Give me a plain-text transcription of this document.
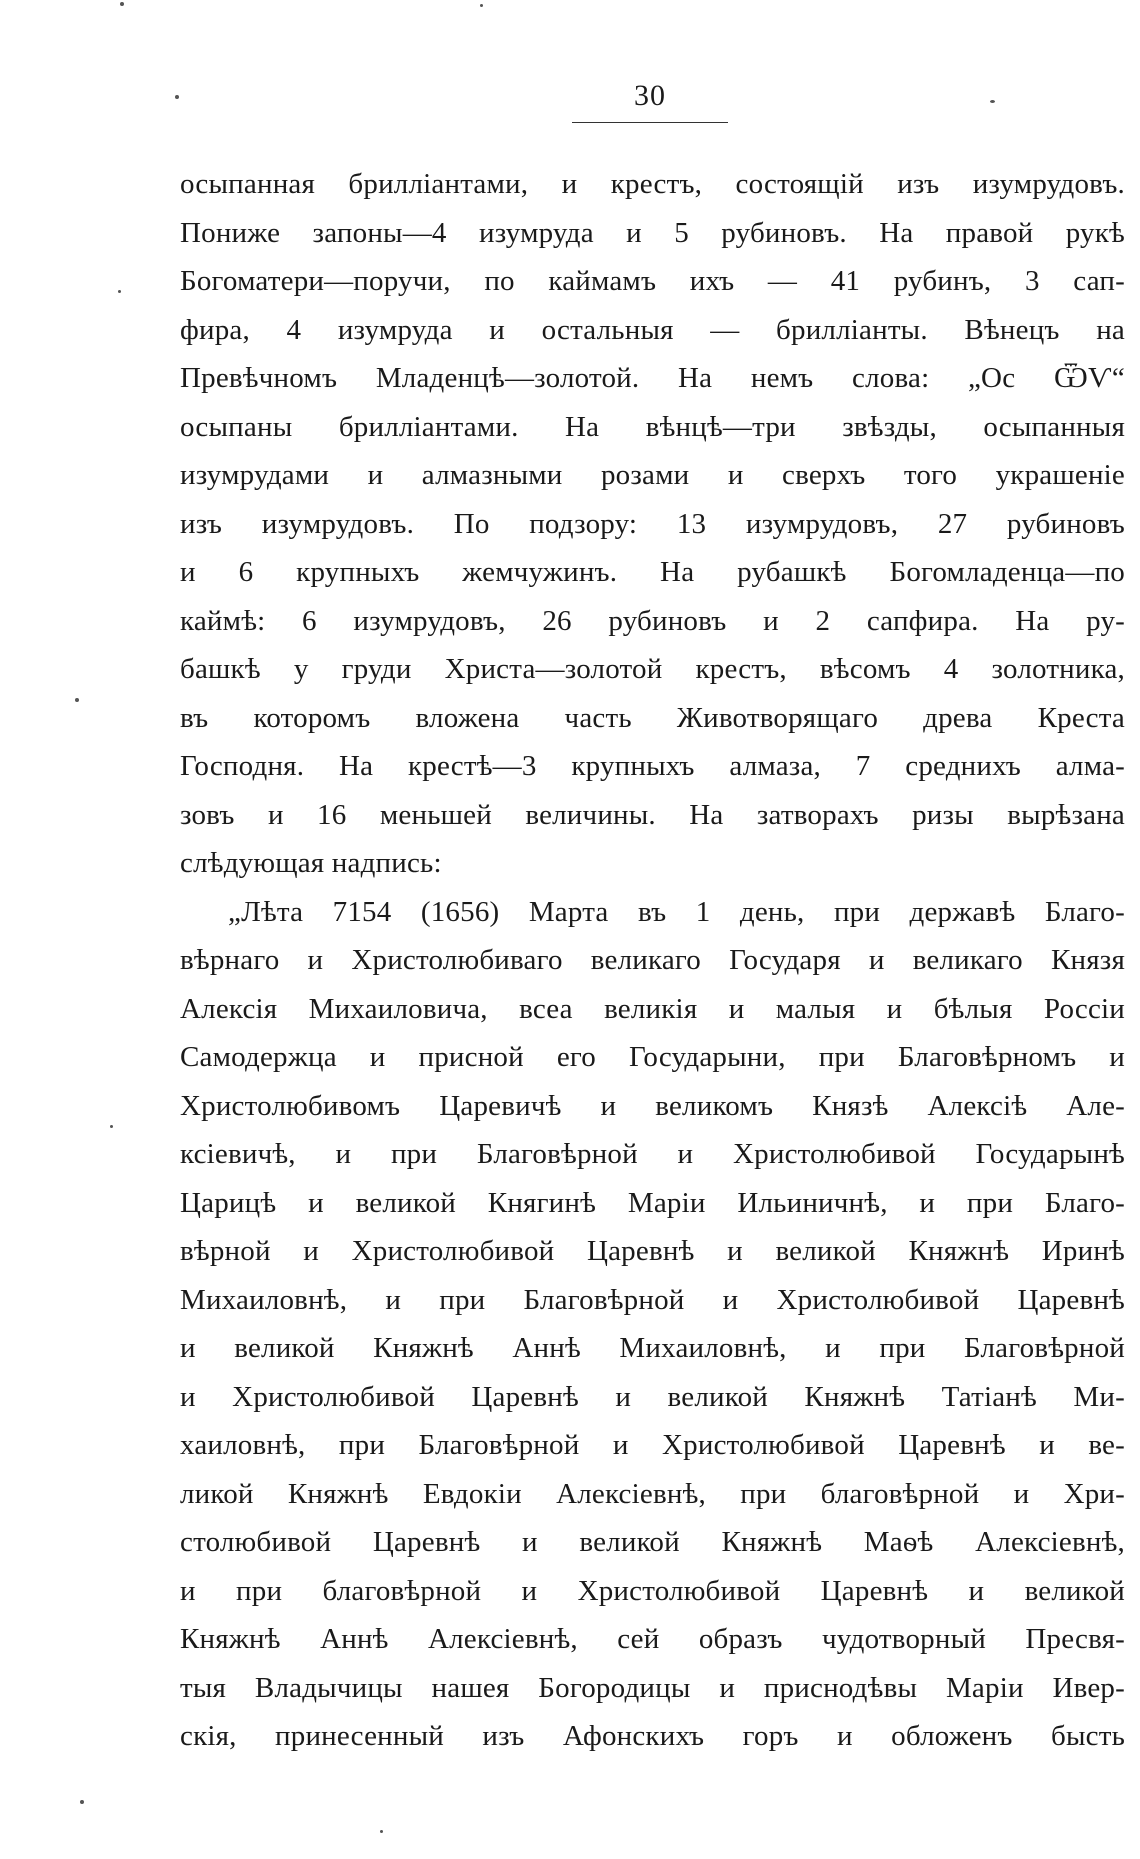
30
осыпанная бриллiантами, и крестъ, состоящiй изъ изумрудовъ.
Пониже запоны—4 изумруда и 5 рубиновъ. На правой рукѣ
Богоматери—поручи, по каймамъ ихъ — 41 рубинъ, 3 сап-
фира, 4 изумруда и остальныя — бриллiанты. Вѣнецъ на
Превѣчномъ Младенцѣ—золотой. На немъ слова: „Oc ѾѴ“
осыпаны бриллiантами. На вѣнцѣ—три звѣзды, осыпанныя
изумрудами и алмазными розами и сверхъ того украшенiе
изъ изумрудовъ. По подзору: 13 изумрудовъ, 27 рубиновъ
и 6 крупныхъ жемчужинъ. На рубашкѣ Богомладенца—по
каймѣ: 6 изумрудовъ, 26 рубиновъ и 2 сапфира. На ру-
башкѣ у груди Христа—золотой крестъ, вѣсомъ 4 золотника,
въ которомъ вложена часть Животворящаго древа Креста
Господня. На крестѣ—3 крупныхъ алмаза, 7 среднихъ алма-
зовъ и 16 меньшей величины. На затворахъ ризы вырѣзана
слѣдующая надпись:
„Лѣта 7154 (1656) Марта въ 1 день, при державѣ Благо-
вѣрнаго и Христолюбиваго великаго Государя и великаго Князя
Алексiя Михаиловича, всеа великiя и малыя и бѣлыя Россiи
Самодержца и присной его Государыни, при Благовѣрномъ и
Христолюбивомъ Царевичѣ и великомъ Князѣ Алексiѣ Але-
ксiевичѣ, и при Благовѣрной и Христолюбивой Государынѣ
Царицѣ и великой Княгинѣ Марiи Ильиничнѣ, и при Благо-
вѣрной и Христолюбивой Царевнѣ и великой Княжнѣ Иринѣ
Михаиловнѣ, и при Благовѣрной и Христолюбивой Царевнѣ
и великой Княжнѣ Аннѣ Михаиловнѣ, и при Благовѣрной
и Христолюбивой Царевнѣ и великой Княжнѣ Татiанѣ Ми-
хаиловнѣ, при Благовѣрной и Христолюбивой Царевнѣ и ве-
ликой Княжнѣ Евдокiи Алексiевнѣ, при благовѣрной и Хри-
столюбивой Царевнѣ и великой Княжнѣ Маѳѣ Алексiевнѣ,
и при благовѣрной и Христолюбивой Царевнѣ и великой
Княжнѣ Аннѣ Алексiевнѣ, сей образъ чудотворный Пресвя-
тыя Владычицы нашея Богородицы и приснодѣвы Марiи Ивер-
скiя, принесенный изъ Афонскихъ горъ и обложенъ бысть
